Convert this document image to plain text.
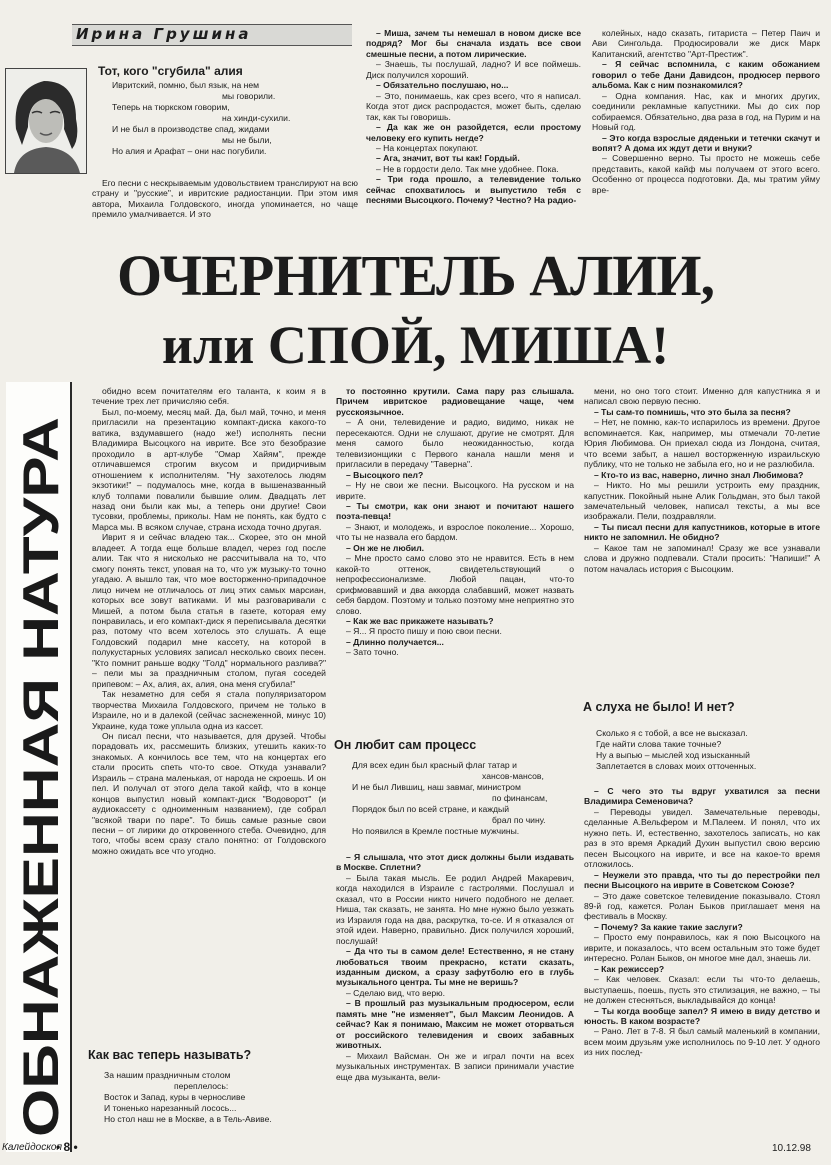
ОБНАЖЕННАЯ НАТУРА
Ирина Грушина
Тот, кого "сгубила" алия

Ивритский, помню, был язык, на нем

мы говорили.

Теперь на тюркском говорим,

на хинди-сухили.

И не был в производстве спад, жидами

мы не были,

Но алия и Арафат – они нас погубили.

Его песни с нескрываемым удовольствием транслируют на всю страну и "русские", и ивритские радиостанции. При этом имя автора, Михаила Голдовского, иногда упоминается, но чаще премило умалчивается. И это

– Миша, зачем ты немешал в новом диске все подряд? Мог бы сначала издать все свои смешные песни, а потом лирические.

– Знаешь, ты послушай, ладно? И все поймешь. Диск получился хороший.

– Обязательно послушаю, но...

– Это, понимаешь, как срез всего, что я написал. Когда этот диск распродастся, может быть, сделаю так, как ты говоришь.

– Да как же он разойдется, если простому человеку его купить негде?

– На концертах покупают.

– Ага, значит, вот ты как! Гордый.

– Не в гордости дело. Так мне удобнее. Пока.

– Три года прошло, а телевидение только сейчас спохватилось и выпустило тебя с песнями Высоцкого. Почему? Честно? На радио-

колейных, надо сказать, гитариста – Петер Паич и Ави Сингольда. Продюсировали же диск Марк Капитанский, агентство "Арт-Престиж".

– Я сейчас вспомнила, с каким обожанием говорил о тебе Дани Давидсон, продюсер первого альбома. Как с ним познакомился?

– Одна компания. Нас, как и многих других, соединили рекламные капустники. Мы до сих пор собираемся. Обязательно, два раза в год, на Пурим и на Новый год.

– Это когда взрослые дяденьки и тетечки скачут и вопят? А дома их ждут дети и внуки?

– Совершенно верно. Ты просто не можешь себе представить, какой кайф мы получаем от этого всего. Особенно от процесса подготовки. Да, мы тратим уйму вре-

ОЧЕРНИТЕЛЬ АЛИИ,
или СПОЙ, МИША!

обидно всем почитателям его таланта, к коим я в течение трех лет причисляю себя.

Был, по-моему, месяц май. Да, был май, точно, и меня пригласили на презентацию компакт-диска какого-то ватика, вздумавшего (надо же!) исполнять песни Владимира Высоцкого на иврите. Все это безобразие проходило в арт-клубе "Омар Хайям", прежде отличавшемся строгим вкусом и придирчивым отношением к исполнителям. "Ну захотелось людям экзотики!" – подумалось мне, когда в вышеназванный клуб толпами повалили бывшие олим. Двадцать лет назад они были как мы, а теперь они другие! Свои тусовки, проблемы, приколы. Нам не понять, как будто с Марса мы. В всяком случае, страна исхода точно другая.

Иврит я и сейчас владею так... Скорее, это он мной владеет. А тогда еще больше владел, через год после алии. Так что я нисколько не рассчитывала на то, что смогу понять текст, уповая на то, что уж музыку-то точно угадаю. А вышло так, что мое восторженно-припадочное лицо ничем не отличалось от лиц этих самых марсиан, которых все зовут ватиками. И мы разговаривали с Мишей, а потом была статья в газете, которая ему понравилась, и его компакт-диск я переписывала десятки раз, потому что всем хотелось это слушать. А еще Голдовский подарил мне кассету, на которой в полукустарных условиях записал несколько своих песен. "Кто помнит раньше водку "Голд" нормального разлива?" – пели мы за праздничным столом, пугая соседей припевом: – Ах, алия, ах, алия, она меня сгубила!"

Так незаметно для себя я стала популяризатором творчества Михаила Голдовского, причем не только в Израиле, но и в далекой (сейчас заснеженной, минус 10) Украине, куда тоже уплыла одна из кассет.

Он писал песни, что называется, для друзей. Чтобы порадовать их, рассмешить близких, утешить каких-то знакомых. А кончилось все тем, что на концертах его стали просить спеть что-то свое. Откуда узнавали? Израиль – страна маленькая, от народа не скроешь. И он пел. И получал от этого дела такой кайф, что в конце концов выпустил новый компакт-диск "Водоворот" (и аудиокассету с одноименным названием), где собрал "всякой твари по паре". То бишь самые разные свои песни – от лирики до откровенного стеба. Очевидно, для того, чтобы всем сразу стало понятно: от Голдовского можно ожидать все что угодно.

Как вас теперь называть?

За нашим праздничным столом

переплелось:

Восток и Запад, куры в черносливе

И тоненько нарезанный лосось...

Но стол наш не в Москве, а в Тель-Авиве.

то постоянно крутили. Сама пару раз слышала. Причем ивритское радиовещание чаще, чем русскоязычное.

– А они, телевидение и радио, видимо, никак не пересекаются. Одни не слушают, другие не смотрят. Для меня самого было неожиданностью, когда телевизионщики с Первого канала нашли меня и пригласили в передачу "Таверна".

– Высоцкого пел?

– Ну не свои же песни. Высоцкого. На русском и на иврите.

– Ты смотри, как они знают и почитают нашего поэта-певца!

– Знают, и молодежь, и взрослое поколение... Хорошо, что ты не назвала его бардом.

– Он же не любил.

– Мне просто само слово это не нравится. Есть в нем какой-то оттенок, свидетельствующий о непрофессионализме. Любой пацан, что-то срифмовавший и два аккорда слабавший, может назвать себя бардом. Поэтому и только поэтому мне неприятно это слово.

– Как же вас прикажете называть?

– Я... Я просто пишу и пою свои песни.

– Длинно получается...

– Зато точно.

Он любит сам процесс

Для всех един был красный флаг татар и

хансов-мансов,

И не был Лившиц, наш завмаг, министром

по финансам,

Порядок был по всей стране, и каждый

брал по чину.

Но появился в Кремле постные мужчины.

– Я слышала, что этот диск должны были издавать в Москве. Сплетни?

– Была такая мысль. Ее родил Андрей Макаревич, когда находился в Израиле с гастролями. Послушал и сказал, что в России никто ничего подобного не делает. Ниша, так сказать, не занята. Но мне нужно было уезжать из Израиля года на два, раскрутка, то-се. И я отказался от этой идеи. Наверно, правильно. Диск получился хороший, послушай!

– Да что ты в самом деле! Естественно, я не стану любоваться твоим прекрасно, кстати сказать, изданным диском, а сразу зафутболю его в глубь музыкального центра. Ты мне не веришь?

– Сделаю вид, что верю.

– В прошлый раз музыкальным продюсером, если память мне "не изменяет", был Максим Леонидов. А сейчас? Как я понимаю, Максим не может оторваться от российского телевидения и своих забавных животных.

– Михаил Вайсман. Он же и играл почти на всех музыкальных инструментах. В записи принимали участие еще два музыканта, вели-

мени, но оно того стоит. Именно для капустника я и написал свою первую песню.

– Ты сам-то помнишь, что это была за песня?

– Нет, не помню, как-то испарилось из времени. Другое вспоминается. Как, например, мы отмечали 70-летие Юрия Любимова. Он приехал сюда из Лондона, считая, что всеми забыт, а нашел восторженную израильскую публику, что не только не забыла его, но и не разлюбила.

– Кто-то из вас, наверно, лично знал Любимова?

– Никто. Но мы решили устроить ему праздник, капустник. Покойный ныне Алик Гольдман, это был такой замечательный человек, написал тексты, а мы все изображали. Пели, поздравляли.

– Ты писал песни для капустников, которые в итоге никто не запомнил. Не обидно?

– Какое там не запоминал! Сразу же все узнавали слова и дружно подпевали. Стали просить: "Напиши!" А потом началась история с Высоцким.

А слуха не было! И нет?

Сколько я с тобой, а все не высказал.

Где найти слова такие точные?

Ну а выпью – мыслей ход изысканный

Заплетается в словах моих отточенных.

– С чего это ты вдруг ухватился за песни Владимира Семеновича?

– Переводы увидел. Замечательные переводы, сделанные А.Вельфером и М.Палеем. И понял, что их нужно петь. И, естественно, захотелось записать, но как раз в это время Аркадий Духин выпустил свою версию песен Высоцкого на иврите, и все на какое-то время отложилось.

– Неужели это правда, что ты до перестройки пел песни Высоцкого на иврите в Советском Союзе?

– Это даже советское телевидение показывало. Стоял 89-й год, кажется. Ролан Быков приглашает меня на фестиваль в Москву.

– Почему? За какие такие заслуги?

– Просто ему понравилось, как я пою Высоцкого на иврите, и показалось, что всем остальным это тоже будет интересно. Ролан Быков, он многое мне дал, знаешь ли.

– Как режиссер?

– Как человек. Сказал: если ты что-то делаешь, выступаешь, поешь, пусть это стилизация, не важно, – ты не должен стесняться, выкладывайся до конца!

– Ты когда вообще запел? Я имею в виду детство и юность. В каком возрасте?

– Рано. Лет в 7-8. Я был самый маленький в компании, всем моим друзьям уже исполнилось по 9-10 лет. У одного из них послед-

Калейдоскоп
• 8 •	10.12.98
